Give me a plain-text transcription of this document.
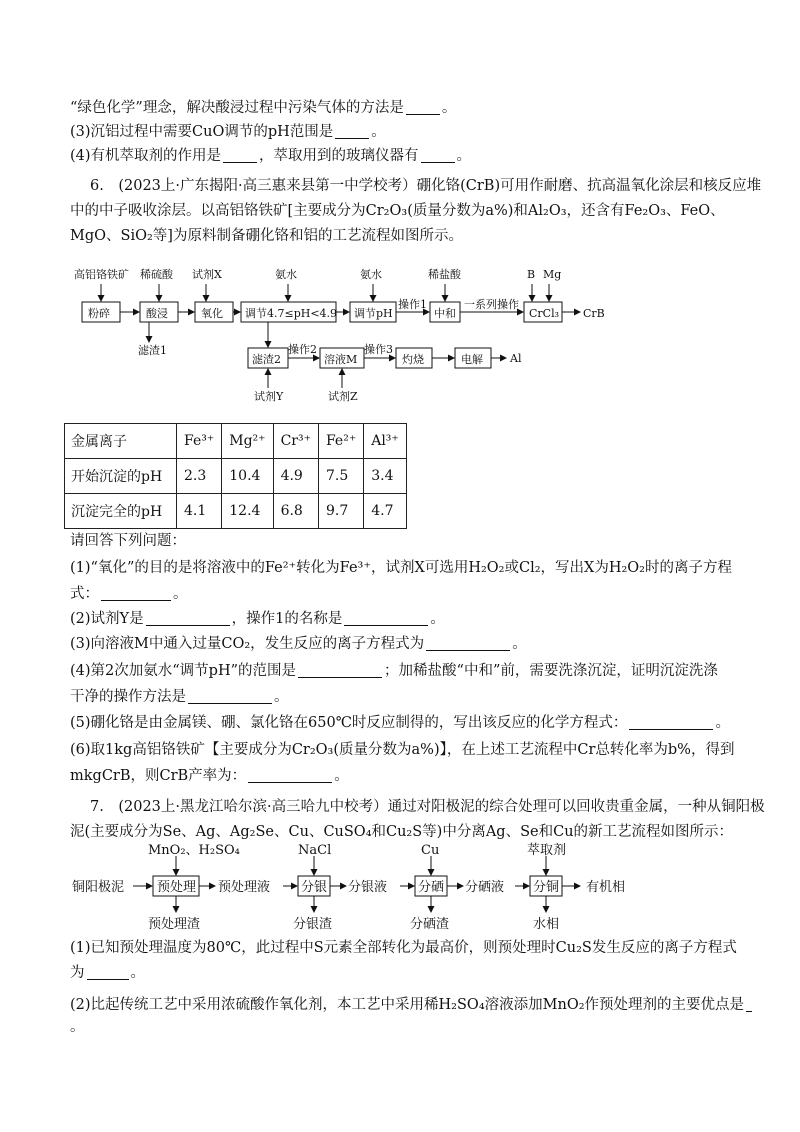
“绿色化学”理念，解决酸浸过程中污染气体的方法是	。
(3)沉铝过程中需要CuO调节的pH范围是	。
(4)有机萃取剂的作用是	，萃取用到的玻璃仪器有	。
6.　(2023上·广东揭阳·高三惠来县第一中学校考）硼化铬(CrB)可用作耐磨、抗高温氧化涂层和核反应堆
中的中子吸收涂层。以高铝铬铁矿[主要成分为Cr₂O₃(质量分数为a%)和Al₂O₃，还含有Fe₂O₃、FeO、
MgO、SiO₂等]为原料制备硼化铬和铝的工艺流程如图所示。
高铝铬铁矿 稀硫酸 试剂X	氨水	氨水	稀盐酸	B Mg
粉碎	酸浸	氧化 调节4.7≤pH<4.9 调节pH	中和	CrCl₃ CrB
操作1	一系列操作
滤渣1
滤渣2	溶液M	灼烧	电解 Al
操作2	操作3
试剂Y	试剂Z
金属离子	Fe³⁺	Mg²⁺	Cr³⁺	Fe²⁺	Al³⁺
开始沉淀的pH	2.3	10.4	4.9	7.5	3.4
沉淀完全的pH	4.1	12.4	6.8	9.7	4.7
请回答下列问题：
(1)“氧化”的目的是将溶液中的Fe²⁺转化为Fe³⁺，试剂X可选用H₂O₂或Cl₂，写出X为H₂O₂时的离子方程
式：	。
(2)试剂Y是	，操作1的名称是	。
(3)向溶液M中通入过量CO₂，发生反应的离子方程式为	。
(4)第2次加氨水“调节pH”的范围是	；加稀盐酸“中和”前，需要洗涤沉淀，证明沉淀洗涤
干净的操作方法是	。
(5)硼化铬是由金属镁、硼、氯化铬在650℃时反应制得的，写出该反应的化学方程式：	。
(6)取1kg高铝铬铁矿【主要成分为Cr₂O₃(质量分数为a%)】，在上述工艺流程中Cr总转化率为b%，得到
mkgCrB，则CrB产率为：	。
7.　(2023上·黑龙江哈尔滨·高三哈九中校考）通过对阳极泥的综合处理可以回收贵重金属，一种从铜阳极
泥(主要成分为Se、Ag、Ag₂Se、Cu、CuSO₄和Cu₂S等)中分离Ag、Se和Cu的新工艺流程如图所示：
MnO₂、H₂SO₄	NaCl	Cu	萃取剂
铜阳极泥	预处理 预处理液 分银 分银液 分硒 分硒液 分铜 有机相
预处理渣	分银渣	分硒渣	水相
(1)已知预处理温度为80℃，此过程中S元素全部转化为最高价，则预处理时Cu₂S发生反应的离子方程式
为	。
(2)比起传统工艺中采用浓硫酸作氧化剂，本工艺中采用稀H₂SO₄溶液添加MnO₂作预处理剂的主要优点是
。
